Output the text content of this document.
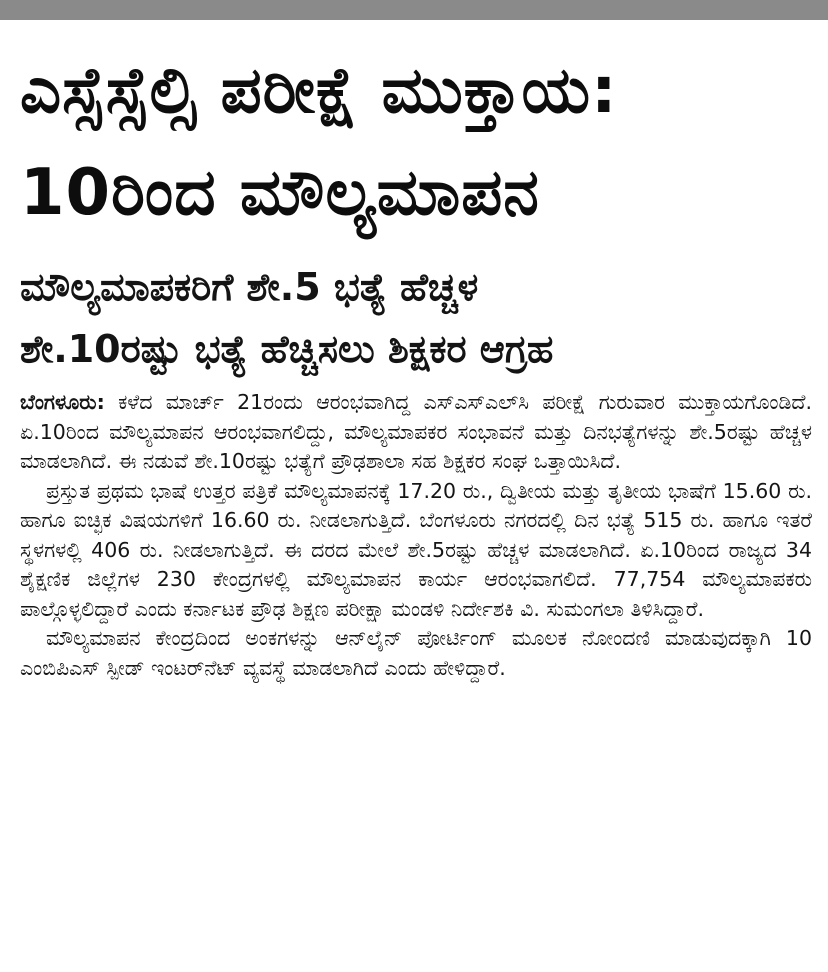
ಎಸ್ಸೆಸ್ಸೆಲ್ಸಿ ಪರೀಕ್ಷೆ ಮುಕ್ತಾಯ:
10ರಿಂದ ಮೌಲ್ಯಮಾಪನ
ಮೌಲ್ಯಮಾಪಕರಿಗೆ ಶೇ.5 ಭತ್ಯೆ ಹೆಚ್ಚಳ
ಶೇ.10ರಷ್ಟು ಭತ್ಯೆ ಹೆಚ್ಚಿಸಲು ಶಿಕ್ಷಕರ ಆಗ್ರಹ

ಬೆಂಗಳೂರು: ಕಳೆದ ಮಾರ್ಚ್ 21ರಂದು ಆರಂಭವಾಗಿದ್ದ ಎಸ್‌ಎಸ್‌ಎಲ್‌ಸಿ ಪರೀಕ್ಷೆ ಗುರುವಾರ ಮುಕ್ತಾಯಗೊಂಡಿದೆ. ಏ.10ರಿಂದ ಮೌಲ್ಯಮಾಪನ ಆರಂಭವಾಗಲಿದ್ದು, ಮೌಲ್ಯಮಾಪಕರ ಸಂಭಾವನೆ ಮತ್ತು ದಿನಭತ್ಯೆಗಳನ್ನು ಶೇ.5ರಷ್ಟು ಹೆಚ್ಚಳ ಮಾಡಲಾಗಿದೆ. ಈ ನಡುವೆ ಶೇ.10ರಷ್ಟು ಭತ್ಯೆಗೆ ಪ್ರೌಢಶಾಲಾ ಸಹ ಶಿಕ್ಷಕರ ಸಂಘ ಒತ್ತಾಯಿಸಿದೆ.

ಪ್ರಸ್ತುತ ಪ್ರಥಮ ಭಾಷೆ ಉತ್ತರ ಪತ್ರಿಕೆ ಮೌಲ್ಯಮಾಪನಕ್ಕೆ 17.20 ರು., ದ್ವಿತೀಯ ಮತ್ತು ತೃತೀಯ ಭಾಷೆಗೆ 15.60 ರು. ಹಾಗೂ ಐಚ್ಛಿಕ ವಿಷಯಗಳಿಗೆ 16.60 ರು. ನೀಡಲಾಗುತ್ತಿದೆ. ಬೆಂಗಳೂರು ನಗರದಲ್ಲಿ ದಿನ ಭತ್ಯೆ 515 ರು. ಹಾಗೂ ಇತರೆ ಸ್ಥಳಗಳಲ್ಲಿ 406 ರು. ನೀಡಲಾಗುತ್ತಿದೆ. ಈ ದರದ ಮೇಲೆ ಶೇ.5ರಷ್ಟು ಹೆಚ್ಚಳ ಮಾಡಲಾಗಿದೆ. ಏ.10ರಿಂದ ರಾಜ್ಯದ 34 ಶೈಕ್ಷಣಿಕ ಜಿಲ್ಲೆಗಳ 230 ಕೇಂದ್ರಗಳಲ್ಲಿ ಮೌಲ್ಯಮಾಪನ ಕಾರ್ಯ ಆರಂಭವಾಗಲಿದೆ. 77,754 ಮೌಲ್ಯಮಾಪಕರು ಪಾಲ್ಗೊಳ್ಳಲಿದ್ದಾರೆ ಎಂದು ಕರ್ನಾಟಕ ಪ್ರೌಢ ಶಿಕ್ಷಣ ಪರೀಕ್ಷಾ ಮಂಡಳಿ ನಿರ್ದೇಶಕಿ ವಿ. ಸುಮಂಗಲಾ ತಿಳಿಸಿದ್ದಾರೆ.

ಮೌಲ್ಯಮಾಪನ ಕೇಂದ್ರದಿಂದ ಅಂಕಗಳನ್ನು ಆನ್‌ಲೈನ್ ಪೋರ್ಟಿಂಗ್ ಮೂಲಕ ನೋಂದಣಿ ಮಾಡುವುದಕ್ಕಾಗಿ 10 ಎಂಬಿಪಿಎಸ್ ಸ್ಪೀಡ್ ಇಂಟರ್‌ನೆಟ್ ವ್ಯವಸ್ಥೆ ಮಾಡಲಾಗಿದೆ ಎಂದು ಹೇಳಿದ್ದಾರೆ.
